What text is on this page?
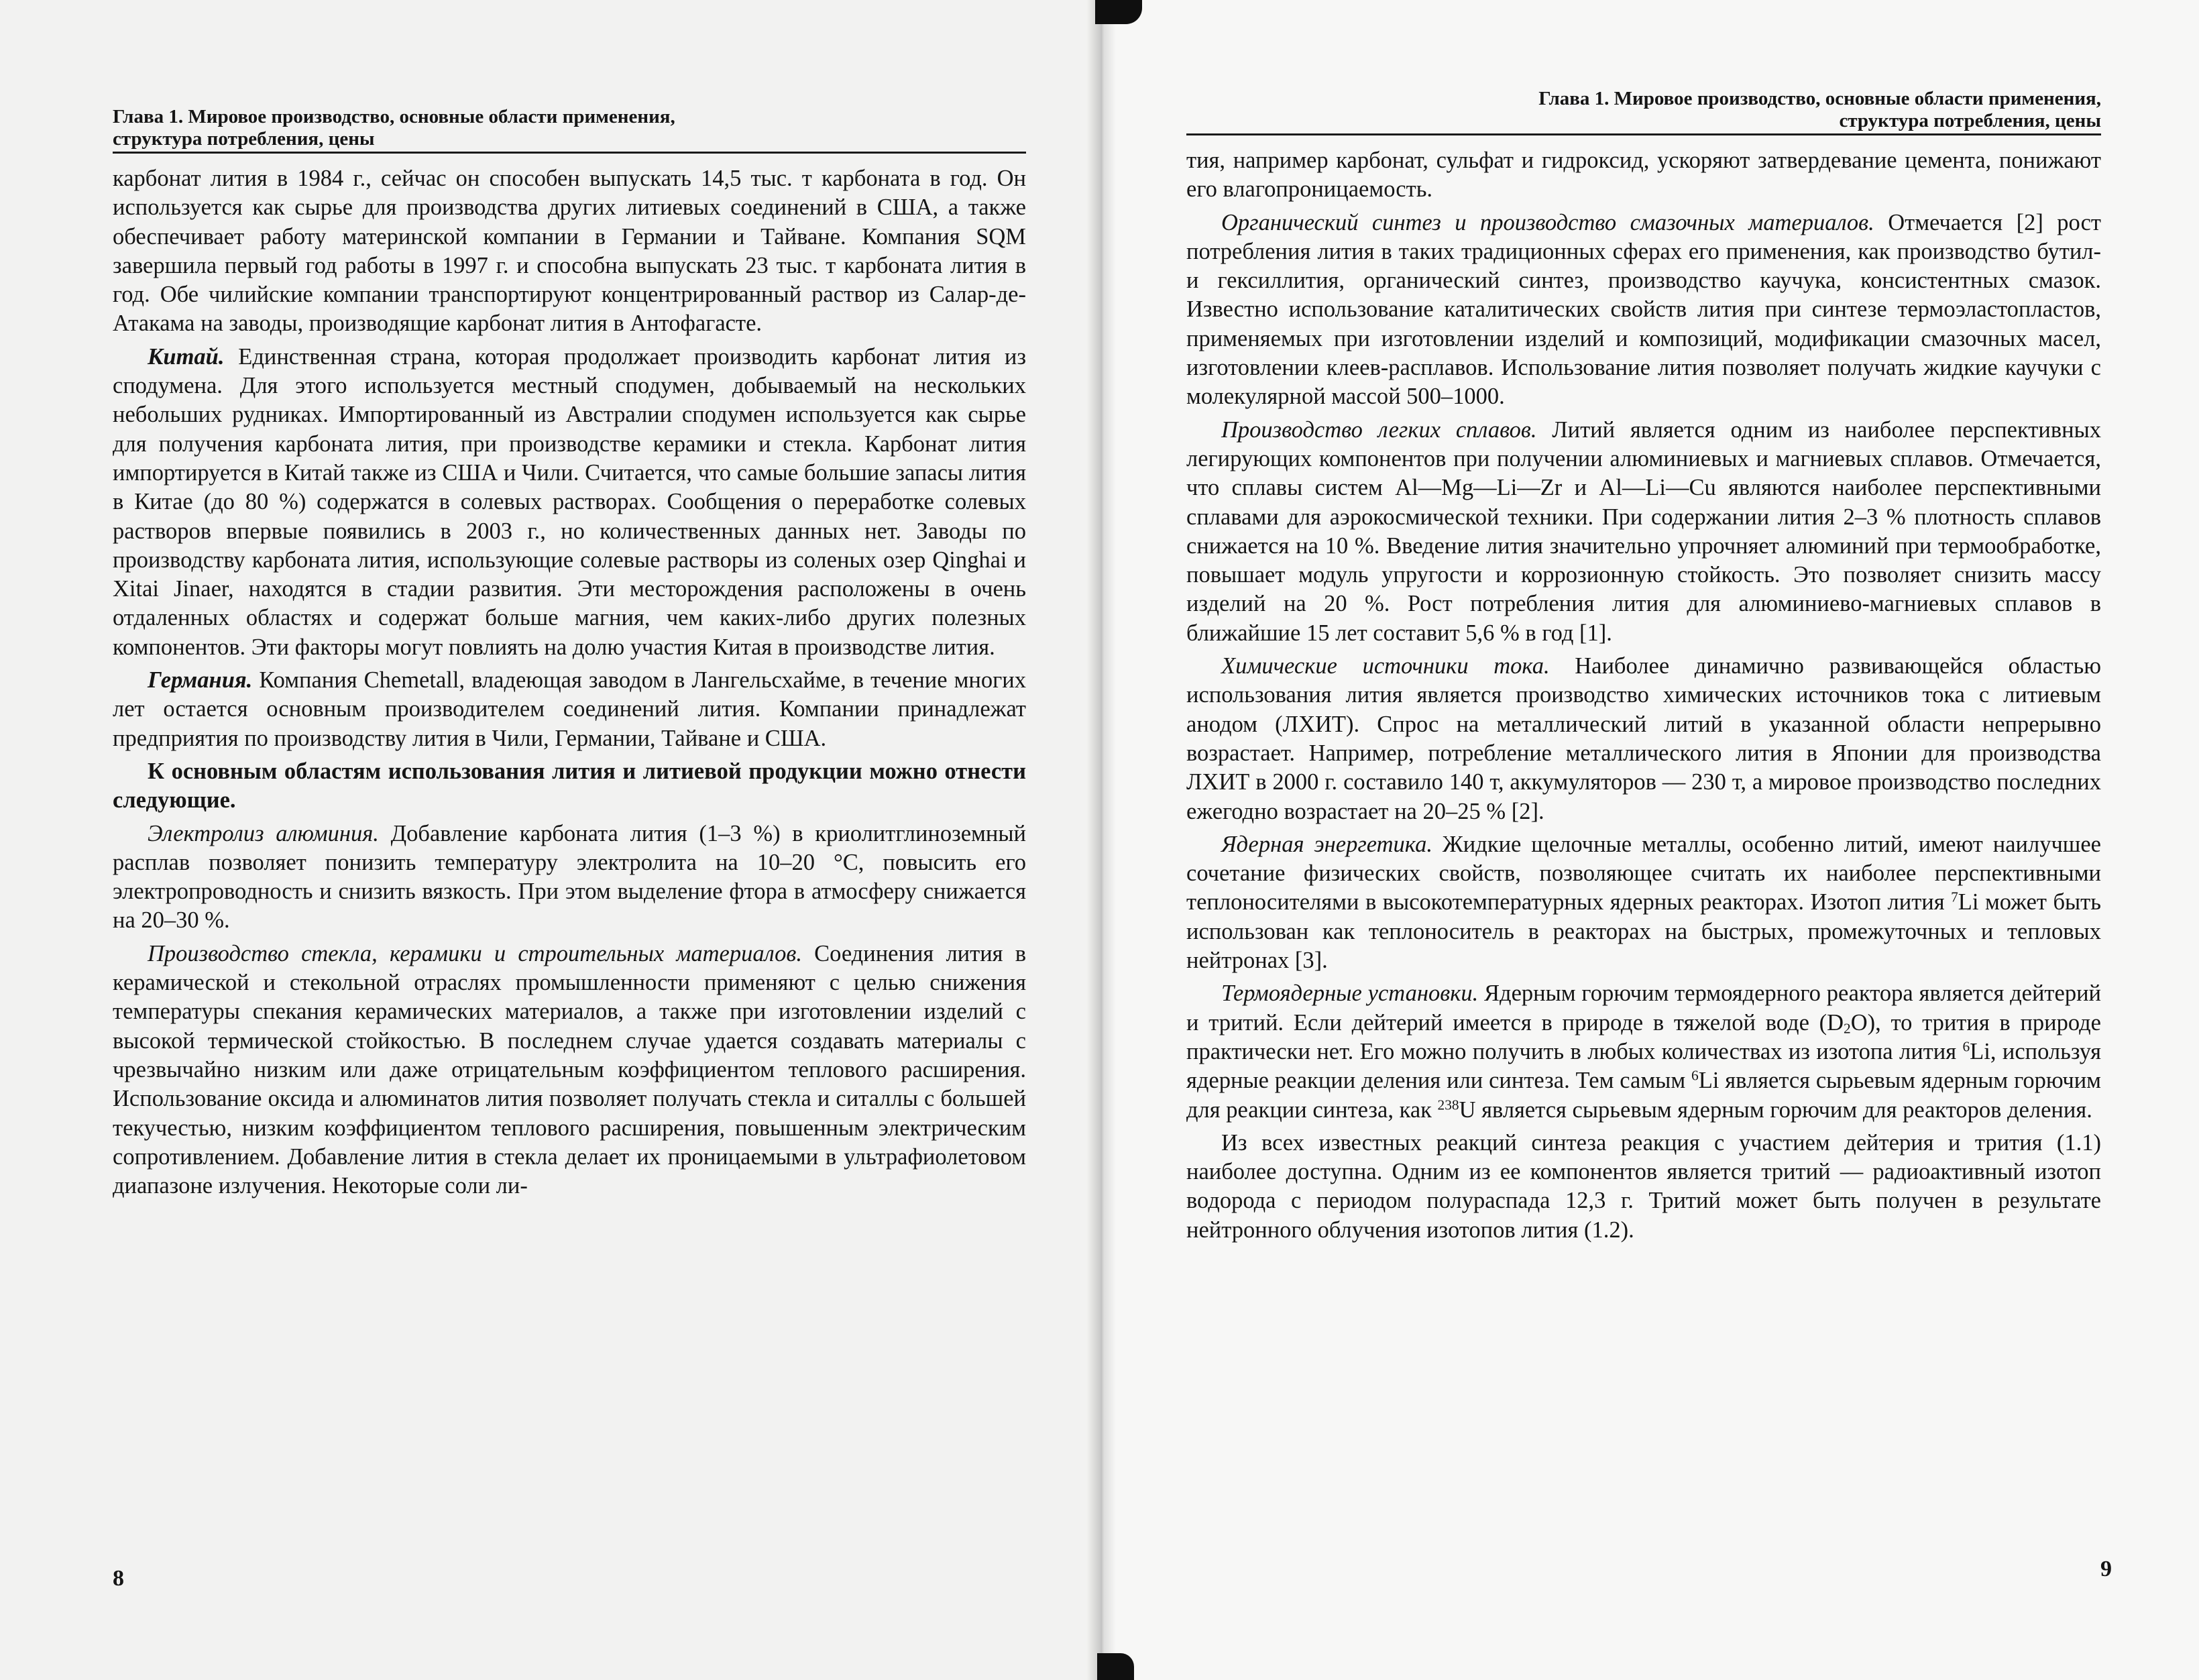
Глава 1. Мировое производство, основные области применения,
структура потребления, цены

карбонат лития в 1984 г., сейчас он способен выпускать 14,5 тыс. т карбоната в год. Он используется как сырье для производства других литиевых соединений в США, а также обеспечивает работу материнской компании в Германии и Тайване. Компания SQM завершила первый год работы в 1997 г. и способна выпускать 23 тыс. т карбоната лития в год. Обе чилийские компании транспортируют концентрированный раствор из Салар-де-Атакама на заводы, производящие карбонат лития в Антофагасте.

Китай. Единственная страна, которая продолжает производить карбонат лития из сподумена. Для этого используется местный сподумен, добываемый на нескольких небольших рудниках. Импортированный из Австралии сподумен используется как сырье для получения карбоната лития, при производстве керамики и стекла. Карбонат лития импортируется в Китай также из США и Чили. Считается, что самые большие запасы лития в Китае (до 80 %) содержатся в солевых растворах. Сообщения о переработке солевых растворов впервые появились в 2003 г., но количественных данных нет. Заводы по производству карбоната лития, использующие солевые растворы из соленых озер Qinghai и Xitai Jinaer, находятся в стадии развития. Эти месторождения расположены в очень отдаленных областях и содержат больше магния, чем каких-либо других полезных компонентов. Эти факторы могут повлиять на долю участия Китая в производстве лития.

Германия. Компания Chemetall, владеющая заводом в Лангельсхайме, в течение многих лет остается основным производителем соединений лития. Компании принадлежат предприятия по производству лития в Чили, Германии, Тайване и США.

К основным областям использования лития и литиевой продукции можно отнести следующие.

Электролиз алюминия. Добавление карбоната лития (1–3 %) в криолитглиноземный расплав позволяет понизить температуру электролита на 10–20 °С, повысить его электропроводность и снизить вязкость. При этом выделение фтора в атмосферу снижается на 20–30 %.

Производство стекла, керамики и строительных материалов. Соединения лития в керамической и стекольной отраслях промышленности применяют с целью снижения температуры спекания керамических материалов, а также при изготовлении изделий с высокой термической стойкостью. В последнем случае удается создавать материалы с чрезвычайно низким или даже отрицательным коэффициентом теплового расширения. Использование оксида и алюминатов лития позволяет получать стекла и ситаллы с большей текучестью, низким коэффициентом теплового расширения, повышенным электрическим сопротивлением. Добавление лития в стекла делает их проницаемыми в ультрафиолетовом диапазоне излучения. Некоторые соли ли-

8
Глава 1. Мировое производство, основные области применения,
структура потребления, цены

тия, например карбонат, сульфат и гидроксид, ускоряют затвердевание цемента, понижают его влагопроницаемость.

Органический синтез и производство смазочных материалов. Отмечается [2] рост потребления лития в таких традиционных сферах его применения, как производство бутил- и гексиллития, органический синтез, производство каучука, консистентных смазок. Известно использование каталитических свойств лития при синтезе термоэластопластов, применяемых при изготовлении изделий и композиций, модификации смазочных масел, изготовлении клеев-расплавов. Использование лития позволяет получать жидкие каучуки с молекулярной массой 500–1000.

Производство легких сплавов. Литий является одним из наиболее перспективных легирующих компонентов при получении алюминиевых и магниевых сплавов. Отмечается, что сплавы систем Al—Mg—Li—Zr и Al—Li—Cu являются наиболее перспективными сплавами для аэрокосмической техники. При содержании лития 2–3 % плотность сплавов снижается на 10 %. Введение лития значительно упрочняет алюминий при термообработке, повышает модуль упругости и коррозионную стойкость. Это позволяет снизить массу изделий на 20 %. Рост потребления лития для алюминиево-магниевых сплавов в ближайшие 15 лет составит 5,6 % в год [1].

Химические источники тока. Наиболее динамично развивающейся областью использования лития является производство химических источников тока с литиевым анодом (ЛХИТ). Спрос на металлический литий в указанной области непрерывно возрастает. Например, потребление металлического лития в Японии для производства ЛХИТ в 2000 г. составило 140 т, аккумуляторов — 230 т, а мировое производство последних ежегодно возрастает на 20–25 % [2].

Ядерная энергетика. Жидкие щелочные металлы, особенно литий, имеют наилучшее сочетание физических свойств, позволяющее считать их наиболее перспективными теплоносителями в высокотемпературных ядерных реакторах. Изотоп лития $^7$Li может быть использован как теплоноситель в реакторах на быстрых, промежуточных и тепловых нейтронах [3].

Термоядерные установки. Ядерным горючим термоядерного реактора является дейтерий и тритий. Если дейтерий имеется в природе в тяжелой воде $(D_2O)$, то трития в природе практически нет. Его можно получить в любых количествах из изотопа лития $^6$Li, используя ядерные реакции деления или синтеза. Тем самым $^6$Li является сырьевым ядерным горючим для реакции синтеза, как $^{238}$U является сырьевым ядерным горючим для реакторов деления.

Из всех известных реакций синтеза реакция с участием дейтерия и трития (1.1) наиболее доступна. Одним из ее компонентов является тритий — радиоактивный изотоп водорода с периодом полураспада 12,3 г. Тритий может быть получен в результате нейтронного облучения изотопов лития (1.2).

9
